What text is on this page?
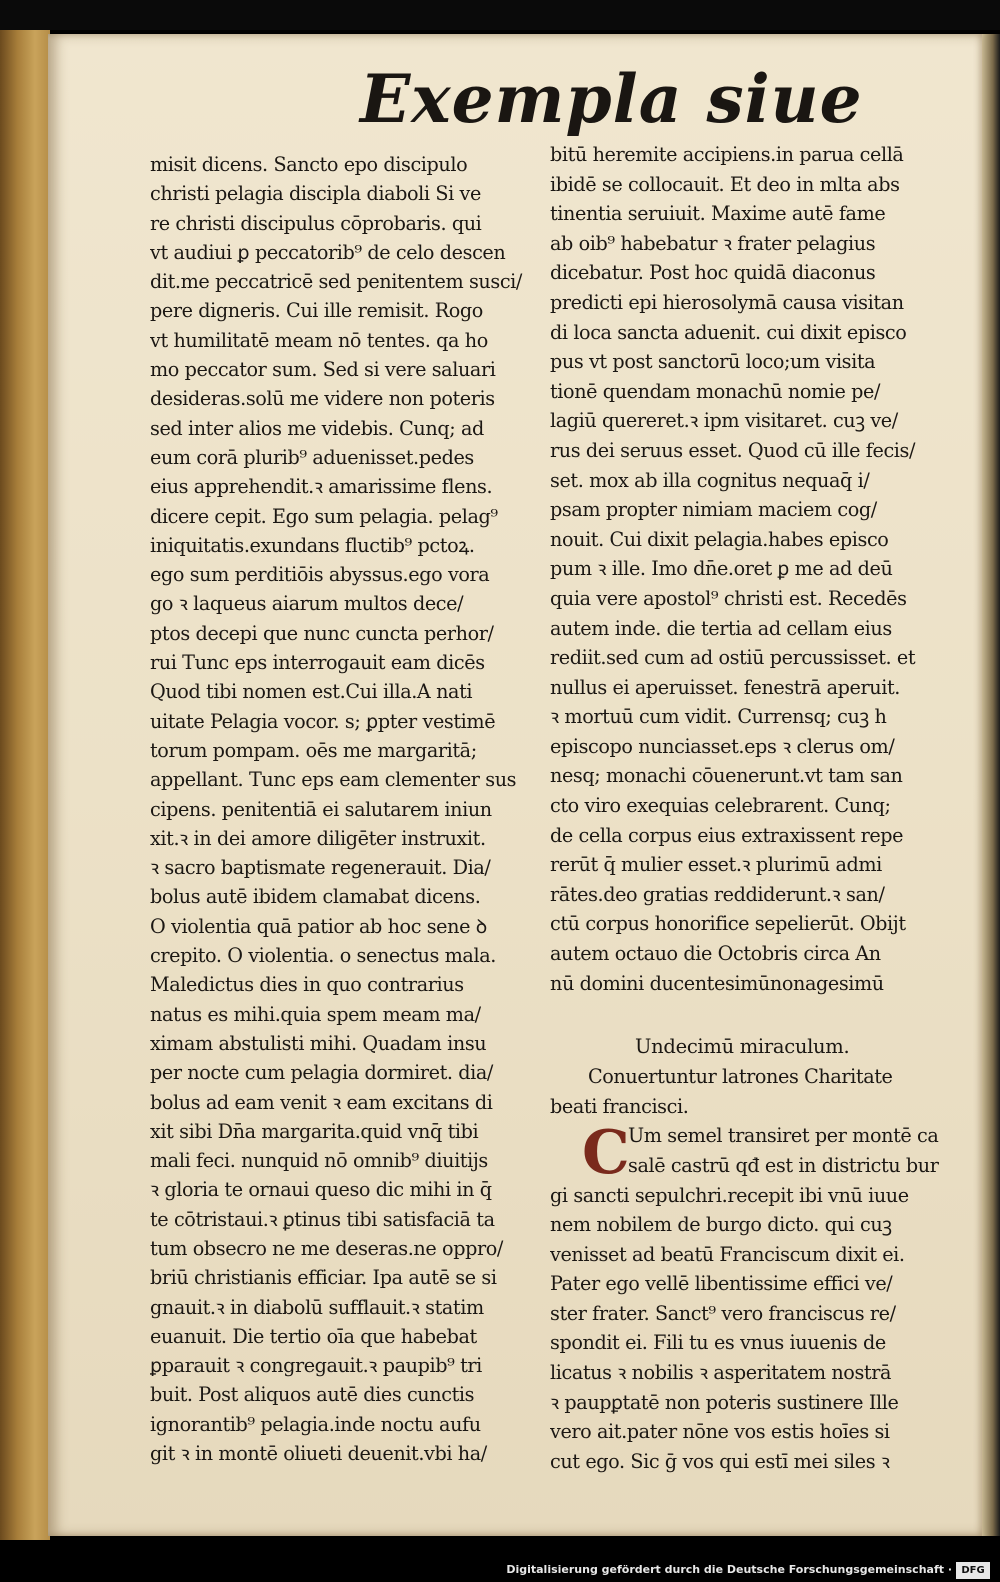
Exempla siue
misit dicens. Sancto epo discipulo
christi pelagia discipla diaboli Si ve
re christi discipulus cōprobaris. qui
vt audiui ꝑ peccatorib⁹ de celo descen
dit.me peccatricē sed penitentem susci/
pere digneris. Cui ille remisit. Rogo
vt humilitatē meam nō tentes. qa ho
mo peccator sum. Sed si vere saluari
desideras.solū me videre non poteris
sed inter alios me videbis. Cunq; ad
eum corā plurib⁹ aduenisset.pedes
eius apprehendit.ꝛ amarissime flens.
dicere cepit. Ego sum pelagia. pelag⁹
iniquitatis.exundans fluctib⁹ pctoꝝ.
ego sum perditiōis abyssus.ego vora
go ꝛ laqueus aiarum multos dece/
ptos decepi que nunc cuncta perhor/
rui Tunc eps interrogauit eam dicēs
Quod tibi nomen est.Cui illa.A nati
uitate Pelagia vocor. s; ꝑpter vestimē
torum pompam. oēs me margaritā;
appellant. Tunc eps eam clementer sus
cipens. penitentiā ei salutarem iniun
xit.ꝛ in dei amore diligēter instruxit.
ꝛ sacro baptismate regenerauit. Dia/
bolus autē ibidem clamabat dicens.
O violentia quā patior ab hoc sene ꝺ
crepito. O violentia. o senectus mala.
Maledictus dies in quo contrarius
natus es mihi.quia spem meam ma/
ximam abstulisti mihi. Quadam insu
per nocte cum pelagia dormiret. dia/
bolus ad eam venit ꝛ eam excitans di
xit sibi Dn̄a margarita.quid vnq̄ tibi
mali feci. nunquid nō omnib⁹ diuitijs
ꝛ gloria te ornaui queso dic mihi in q̄
te cōtristaui.ꝛ ꝑtinus tibi satisfaciā ta
tum obsecro ne me deseras.ne oppro/
briū christianis efficiar. Ipa autē se si
gnauit.ꝛ in diabolū sufflauit.ꝛ statim
euanuit. Die tertio oīa que habebat
ꝑparauit ꝛ congregauit.ꝛ paupib⁹ tri
buit. Post aliquos autē dies cunctis
ignorantib⁹ pelagia.inde noctu aufu
git ꝛ in montē oliueti deuenit.vbi ha/
bitū heremite accipiens.in parua cellā
ibidē se collocauit. Et deo in mlta abs
tinentia seruiuit. Maxime autē fame
ab oib⁹ habebatur ꝛ frater pelagius
dicebatur. Post hoc quidā diaconus
predicti epi hierosolymā causa visitan
di loca sancta aduenit. cui dixit episco
pus vt post sanctorū loco;um visita
tionē quendam monachū nomie pe/
lagiū quereret.ꝛ ipm visitaret. cuꝫ ve/
rus dei seruus esset. Quod cū ille fecis/
set. mox ab illa cognitus nequaq̄ i/
psam propter nimiam maciem cog/
nouit. Cui dixit pelagia.habes episco
pum ꝛ ille. Imo dn̄e.oret ꝑ me ad deū
quia vere apostol⁹ christi est. Recedēs
autem inde. die tertia ad cellam eius
rediit.sed cum ad ostiū percussisset. et
nullus ei aperuisset. fenestrā aperuit.
ꝛ mortuū cum vidit. Currensq; cuꝫ h
episcopo nunciasset.eps ꝛ clerus om/
nesq; monachi cōuenerunt.vt tam san
cto viro exequias celebrarent. Cunq;
de cella corpus eius extraxissent repe
rerūt q̄ mulier esset.ꝛ plurimū admi
rātes.deo gratias reddiderunt.ꝛ san/
ctū corpus honorifice sepelierūt. Obijt
autem octauo die Octobris circa An
nū domini ducentesimūnonagesimū
Undecimū miraculum.
Conuertuntur latrones Charitate
beati francisci.
C
Um semel transiret per montē ca
salē castrū qđ est in districtu bur
gi sancti sepulchri.recepit ibi vnū iuue
nem nobilem de burgo dicto. qui cuꝫ
venisset ad beatū Franciscum dixit ei.
Pater ego vellē libentissime effici ve/
ster frater. Sanct⁹ vero franciscus re/
spondit ei. Fili tu es vnus iuuenis de
licatus ꝛ nobilis ꝛ asperitatem nostrā
ꝛ paupꝑtatē non poteris sustinere Ille
vero ait.pater nōne vos estis hoīes si
cut ego. Sic ḡ vos qui estī mei siles ꝛ
Digitalisierung gefördert durch die Deutsche Forschungsgemeinschaft · DFG
